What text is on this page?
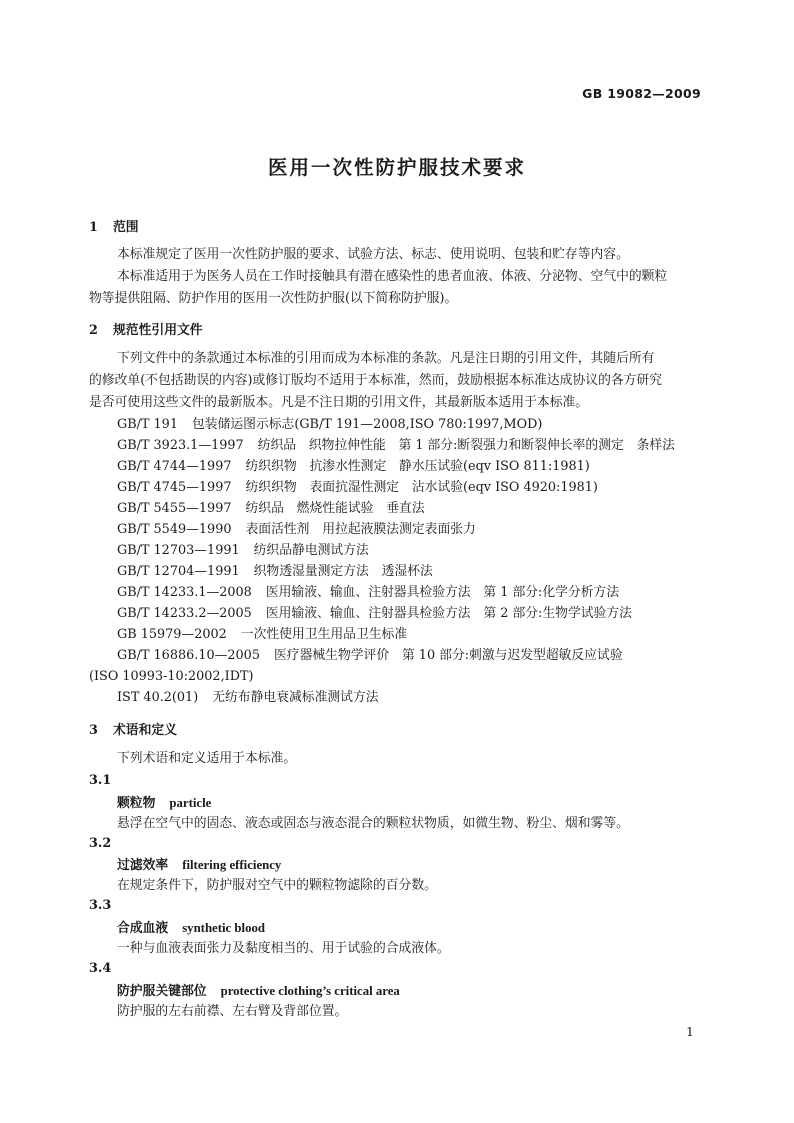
GB 19082—2009
医用一次性防护服技术要求
1 范围
本标准规定了医用一次性防护服的要求、试验方法、标志、使用说明、包装和贮存等内容。
本标准适用于为医务人员在工作时接触具有潜在感染性的患者血液、体液、分泌物、空气中的颗粒
物等提供阻隔、防护作用的医用一次性防护服(以下简称防护服)。
2 规范性引用文件
下列文件中的条款通过本标准的引用而成为本标准的条款。凡是注日期的引用文件，其随后所有
的修改单(不包括勘误的内容)或修订版均不适用于本标准，然而，鼓励根据本标准达成协议的各方研究
是否可使用这些文件的最新版本。凡是不注日期的引用文件，其最新版本适用于本标准。
GB/T 191 包装储运图示标志(GB/T 191—2008,ISO 780:1997,MOD)
GB/T 3923.1—1997 纺织品　织物拉伸性能　第 1 部分:断裂强力和断裂伸长率的测定　条样法
GB/T 4744—1997 纺织织物　抗渗水性测定　静水压试验(eqv ISO 811:1981)
GB/T 4745—1997 纺织织物　表面抗湿性测定　沾水试验(eqv ISO 4920:1981)
GB/T 5455—1997 纺织品　燃烧性能试验　垂直法
GB/T 5549—1990 表面活性剂　用拉起液膜法测定表面张力
GB/T 12703—1991 纺织品静电测试方法
GB/T 12704—1991 织物透湿量测定方法　透湿杯法
GB/T 14233.1—2008 医用输液、输血、注射器具检验方法　第 1 部分:化学分析方法
GB/T 14233.2—2005 医用输液、输血、注射器具检验方法　第 2 部分:生物学试验方法
GB 15979—2002 一次性使用卫生用品卫生标准
GB/T 16886.10—2005 医疗器械生物学评价　第 10 部分:刺激与迟发型超敏反应试验
(ISO 10993-10:2002,IDT)
IST 40.2(01) 无纺布静电衰减标准测试方法
3 术语和定义
下列术语和定义适用于本标准。
3.1
颗粒物 particle
悬浮在空气中的固态、液态或固态与液态混合的颗粒状物质，如微生物、粉尘、烟和雾等。
3.2
过滤效率 filtering efficiency
在规定条件下，防护服对空气中的颗粒物滤除的百分数。
3.3
合成血液 synthetic blood
一种与血液表面张力及黏度相当的、用于试验的合成液体。
3.4
防护服关键部位 protective clothing’s critical area
防护服的左右前襟、左右臂及背部位置。
1
